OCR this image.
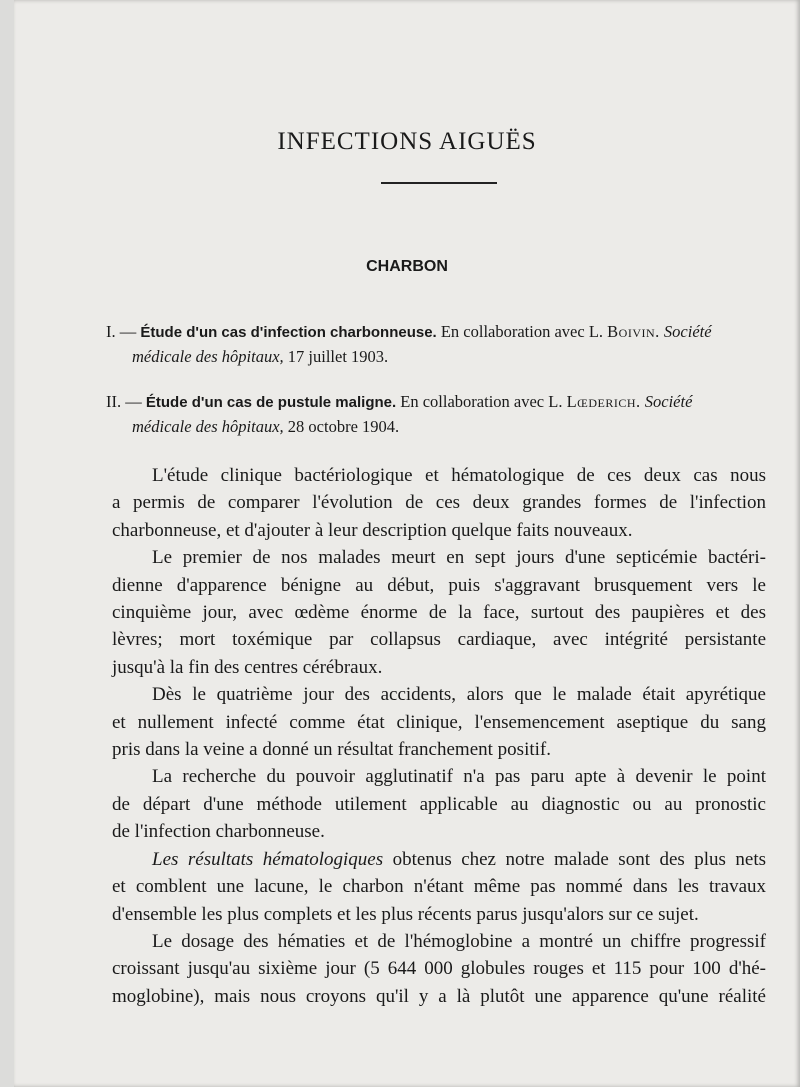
INFECTIONS AIGUËS
CHARBON

I. — Étude d'un cas d'infection charbonneuse. En collaboration avec L. Boivin. Société
médicale des hôpitaux, 17 juillet 1903.

II. — Étude d'un cas de pustule maligne. En collaboration avec L. Lœderich. Société
médicale des hôpitaux, 28 octobre 1904.

L'étude clinique bactériologique et hématologique de ces deux cas nous
a permis de comparer l'évolution de ces deux grandes formes de l'infection
charbonneuse, et d'ajouter à leur description quelque faits nouveaux.
Le premier de nos malades meurt en sept jours d'une septicémie bactéri-
dienne d'apparence bénigne au début, puis s'aggravant brusquement vers le
cinquième jour, avec œdème énorme de la face, surtout des paupières et des
lèvres; mort toxémique par collapsus cardiaque, avec intégrité persistante
jusqu'à la fin des centres cérébraux.
Dès le quatrième jour des accidents, alors que le malade était apyrétique
et nullement infecté comme état clinique, l'ensemencement aseptique du sang
pris dans la veine a donné un résultat franchement positif.
La recherche du pouvoir agglutinatif n'a pas paru apte à devenir le point
de départ d'une méthode utilement applicable au diagnostic ou au pronostic
de l'infection charbonneuse.
Les résultats hématologiques obtenus chez notre malade sont des plus nets
et comblent une lacune, le charbon n'étant même pas nommé dans les travaux
d'ensemble les plus complets et les plus récents parus jusqu'alors sur ce sujet.
Le dosage des hématies et de l'hémoglobine a montré un chiffre progressif
croissant jusqu'au sixième jour (5 644 000 globules rouges et 115 pour 100 d'hé-
moglobine), mais nous croyons qu'il y a là plutôt une apparence qu'une réalité
